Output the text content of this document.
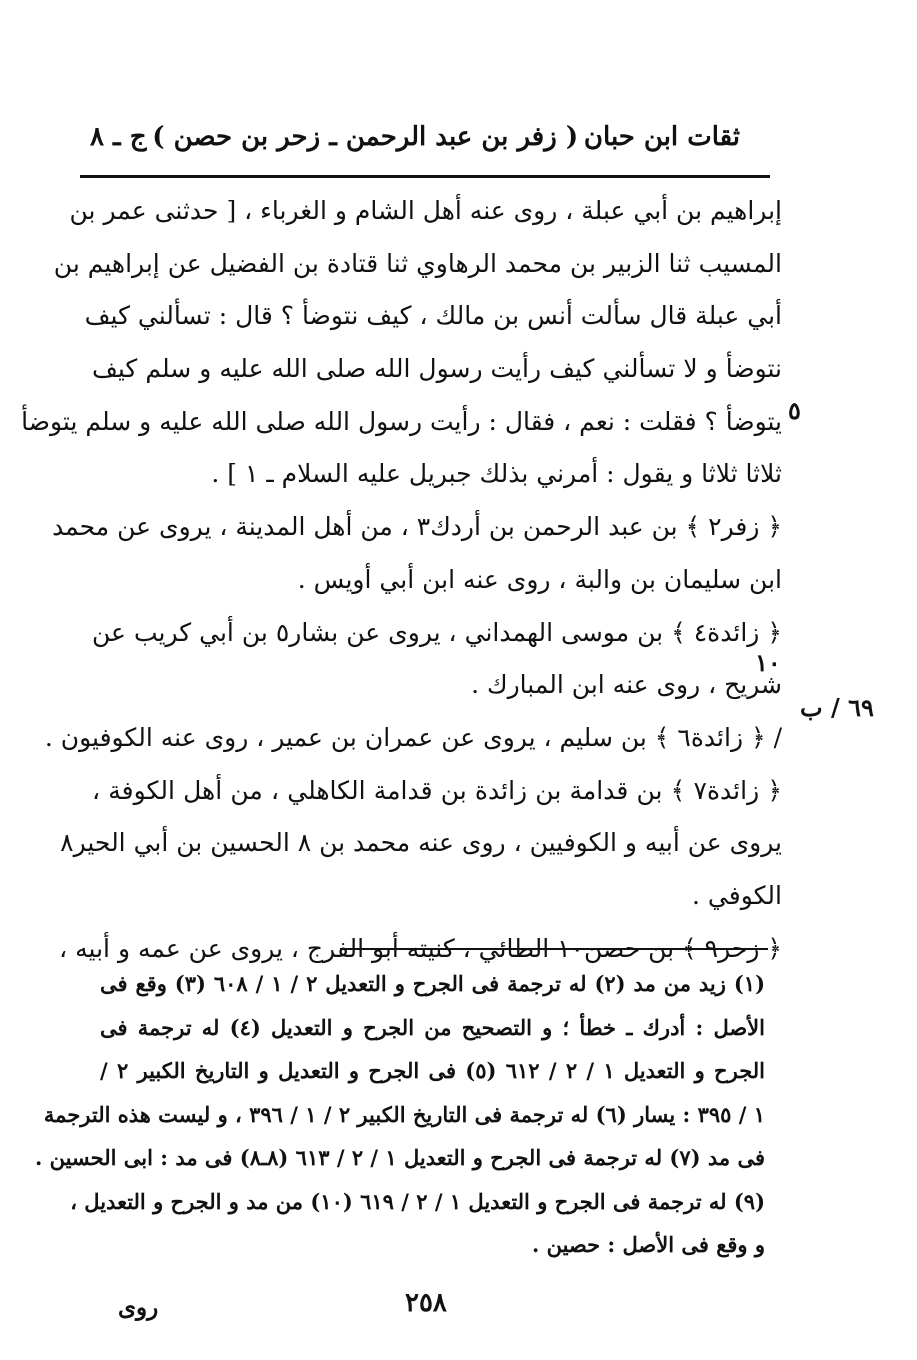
ثقات ابن حبان
( زفر بن عبد الرحمن ـ زحر بن حصن )
ج ـ ٨
إبراهيم بن أبي عبلة ، روى عنه أهل الشام و الغرباء ، [ حدثنى عمر بن
المسيب ثنا الزبير بن محمد الرهاوي ثنا قتادة بن الفضيل عن إبراهيم بن
أبي عبلة قال سألت أنس بن مالك ، كيف نتوضأ ؟ قال : تسألني كيف
نتوضأ و لا تسألني كيف رأيت رسول الله صلى الله عليه و سلم كيف
يتوضأ ؟ فقلت : نعم ، فقال : رأيت رسول الله صلى الله عليه و سلم يتوضأ
ثلاثا ثلاثا و يقول : أمرني بذلك جبريل عليه السلام ـ ١ ] .
﴿ زفر٢ ﴾ بن عبد الرحمن بن أردك٣ ، من أهل المدينة ، يروى عن محمد
ابن سليمان بن والبة ، روى عنه ابن أبي أويس .
﴿ زائدة٤ ﴾ بن موسى الهمداني ، يروى عن بشار٥ بن أبي كريب عن
شريح ، روى عنه ابن المبارك .
/ ﴿ زائدة٦ ﴾ بن سليم ، يروى عن عمران بن عمير ، روى عنه الكوفيون .
﴿ زائدة٧ ﴾ بن قدامة بن زائدة بن قدامة الكاهلي ، من أهل الكوفة ،
يروى عن أبيه و الكوفيين ، روى عنه محمد بن ٨ الحسين بن أبي الحير٨
الكوفي .
﴿ زحر٩ ﴾ بن حصن١٠ الطائي ، كنيته أبو الفرج ، يروى عن عمه و أبيه ،
٥
١٠
٦٩ / ب
(١) زيد من مد (٢) له ترجمة فى الجرح و التعديل ٢ / ١ / ٦٠٨ (٣) وقع فى
الأصل : أدرك ـ خطأ ؛ و التصحيح من الجرح و التعديل (٤) له ترجمة فى
الجرح و التعديل ١ / ٢ / ٦١٢ (٥) فى الجرح و التعديل و التاريخ الكبير ٢ /
١ / ٣٩٥ : يسار (٦) له ترجمة فى التاريخ الكبير ٢ / ١ / ٣٩٦ ، و ليست هذه الترجمة
فى مد (٧) له ترجمة فى الجرح و التعديل ١ / ٢ / ٦١٣ (٨ـ٨) فى مد : ابى الحسين .
(٩) له ترجمة فى الجرح و التعديل ١ / ٢ / ٦١٩ (١٠) من مد و الجرح و التعديل ،
و وقع فى الأصل : حصين .
٢٥٨
روى
